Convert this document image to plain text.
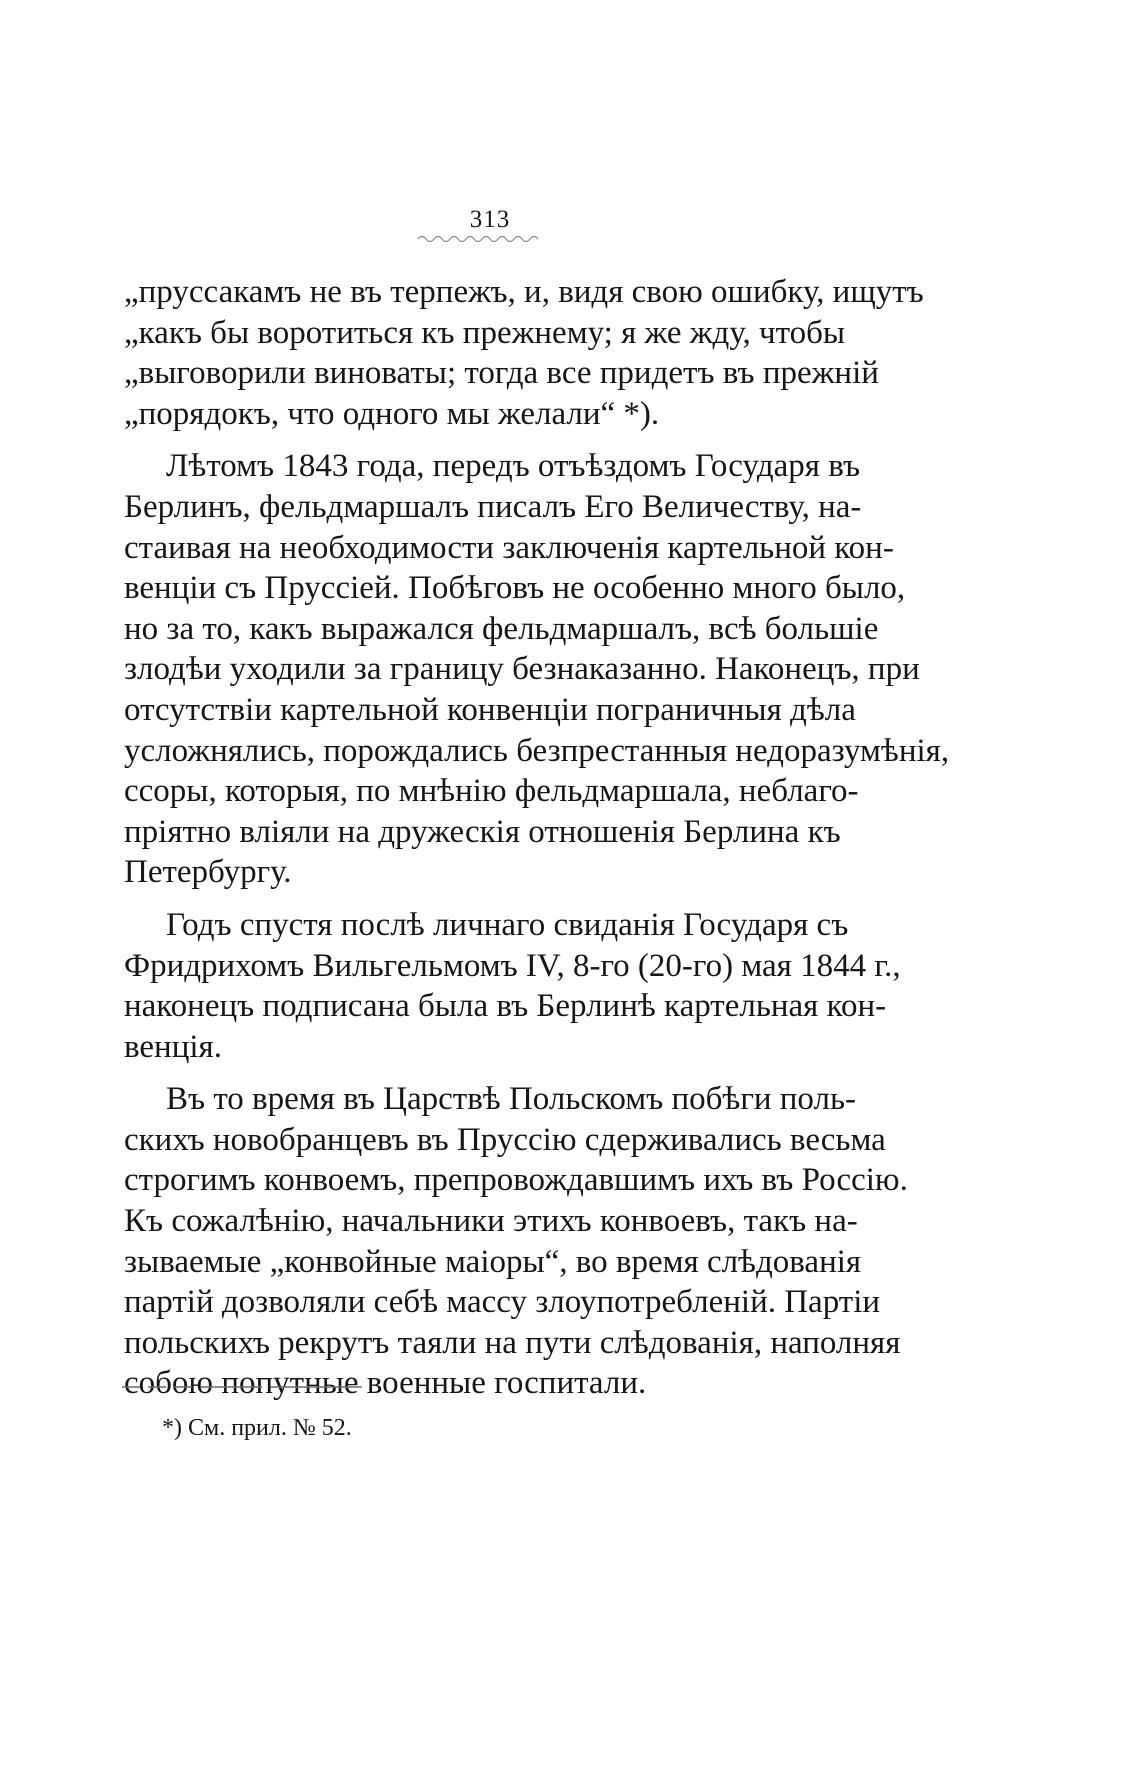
313
„пруссакамъ не въ терпежъ, и, видя свою ошибку, ищутъ
„какъ бы воротиться къ прежнему; я же жду, чтобы
„выговорили виноваты; тогда все придетъ въ прежній
„порядокъ, что одного мы желали“ *).
Лѣтомъ 1843 года, передъ отъѣздомъ Государя въ
Берлинъ, фельдмаршалъ писалъ Его Величеству, на-
стаивая на необходимости заключенія картельной кон-
венціи съ Пруссіей. Побѣговъ не особенно много было,
но за то, какъ выражался фельдмаршалъ, всѣ большіе
злодѣи уходили за границу безнаказанно. Наконецъ, при
отсутствіи картельной конвенціи пограничныя дѣла
усложнялись, порождались безпрестанныя недоразумѣнія,
ссоры, которыя, по мнѣнію фельдмаршала, неблаго-
пріятно вліяли на дружескія отношенія Берлина къ
Петербургу.
Годъ спустя послѣ личнаго свиданія Государя съ
Фридрихомъ Вильгельмомъ IV, 8-го (20-го) мая 1844 г.,
наконецъ подписана была въ Берлинѣ картельная кон-
венція.
Въ то время въ Царствѣ Польскомъ побѣги поль-
скихъ новобранцевъ въ Пруссію сдерживались весьма
строгимъ конвоемъ, препровождавшимъ ихъ въ Россію.
Къ сожалѣнію, начальники этихъ конвоевъ, такъ на-
зываемые „конвойные маіоры“, во время слѣдованія
партій дозволяли себѣ массу злоупотребленій. Партіи
польскихъ рекрутъ таяли на пути слѣдованія, наполняя
собою попутные военные госпитали.
*) См. прил. № 52.
